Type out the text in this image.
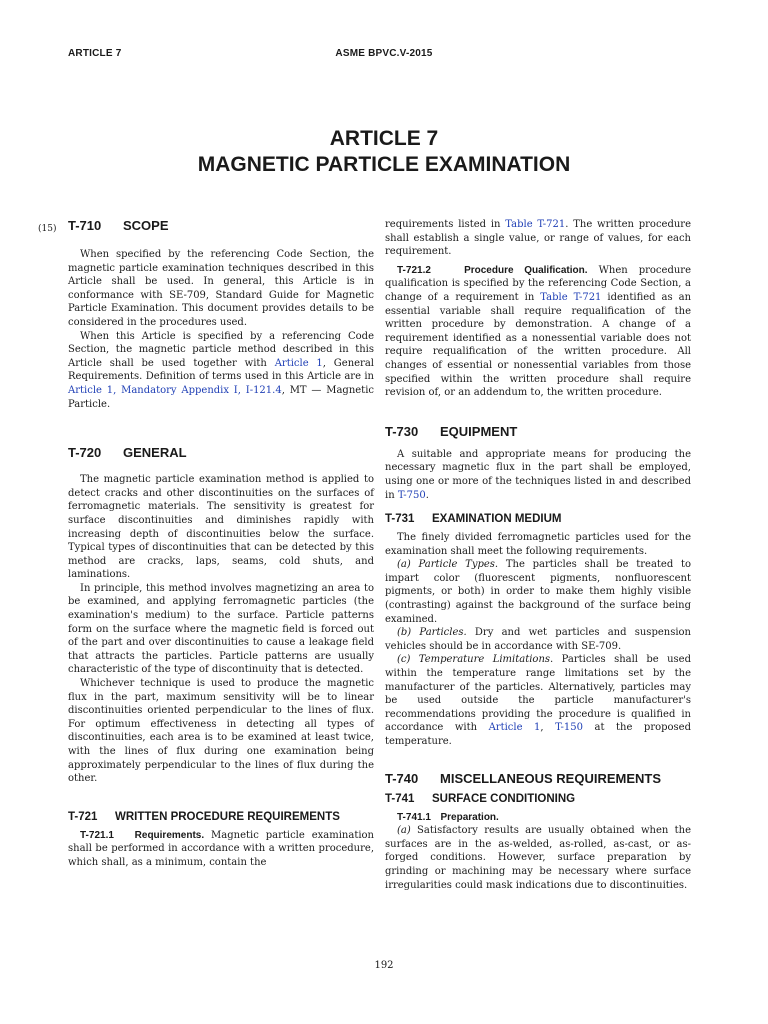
ARTICLE 7	ASME BPVC.V-2015
ARTICLE 7
MAGNETIC PARTICLE EXAMINATION
(15) T-710 SCOPE

When specified by the referencing Code Section, the magnetic particle examination techniques described in this Article shall be used. In general, this Article is in conformance with SE-709, Standard Guide for Magnetic Particle Examination. This document provides details to be considered in the procedures used.

When this Article is specified by a referencing Code Section, the magnetic particle method described in this Article shall be used together with Article 1, General Requirements. Definition of terms used in this Article are in Article 1, Mandatory Appendix I, I-121.4, MT — Magnetic Particle.

T-720 GENERAL

The magnetic particle examination method is applied to detect cracks and other discontinuities on the surfaces of ferromagnetic materials. The sensitivity is greatest for surface discontinuities and diminishes rapidly with increasing depth of discontinuities below the surface. Typical types of discontinuities that can be detected by this method are cracks, laps, seams, cold shuts, and laminations.

In principle, this method involves magnetizing an area to be examined, and applying ferromagnetic particles (the examination's medium) to the surface. Particle patterns form on the surface where the magnetic field is forced out of the part and over discontinuities to cause a leakage field that attracts the particles. Particle patterns are usually characteristic of the type of discontinuity that is detected.

Whichever technique is used to produce the magnetic flux in the part, maximum sensitivity will be to linear discontinuities oriented perpendicular to the lines of flux. For optimum effectiveness in detecting all types of discontinuities, each area is to be examined at least twice, with the lines of flux during one examination being approximately perpendicular to the lines of flux during the other.

T-721 WRITTEN PROCEDURE REQUIREMENTS

T-721.1 Requirements. Magnetic particle examination shall be performed in accordance with a written procedure, which shall, as a minimum, contain the

requirements listed in Table T-721. The written procedure shall establish a single value, or range of values, for each requirement.

T-721.2	Procedure Qualification. When procedure qualification is specified by the referencing Code Section, a change of a requirement in Table T-721 identified as an essential variable shall require requalification of the written procedure by demonstration. A change of a requirement identified as a nonessential variable does not require requalification of the written procedure. All changes of essential or nonessential variables from those specified within the written procedure shall require revision of, or an addendum to, the written procedure.

T-730 EQUIPMENT

A suitable and appropriate means for producing the necessary magnetic flux in the part shall be employed, using one or more of the techniques listed in and described in T-750.

T-731 EXAMINATION MEDIUM

The finely divided ferromagnetic particles used for the examination shall meet the following requirements.

(a) Particle Types. The particles shall be treated to impart color (fluorescent pigments, nonfluorescent pigments, or both) in order to make them highly visible (contrasting) against the background of the surface being examined.

(b) Particles. Dry and wet particles and suspension vehicles should be in accordance with SE-709.

(c) Temperature Limitations. Particles shall be used within the temperature range limitations set by the manufacturer of the particles. Alternatively, particles may be used outside the particle manufacturer's recommendations providing the procedure is qualified in accordance with Article 1, T-150 at the proposed temperature.

T-740 MISCELLANEOUS REQUIREMENTS
T-741 SURFACE CONDITIONING

T-741.1 Preparation.

(a) Satisfactory results are usually obtained when the surfaces are in the as-welded, as-rolled, as-cast, or as-forged conditions. However, surface preparation by grinding or machining may be necessary where surface irregularities could mask indications due to discontinuities.

192
